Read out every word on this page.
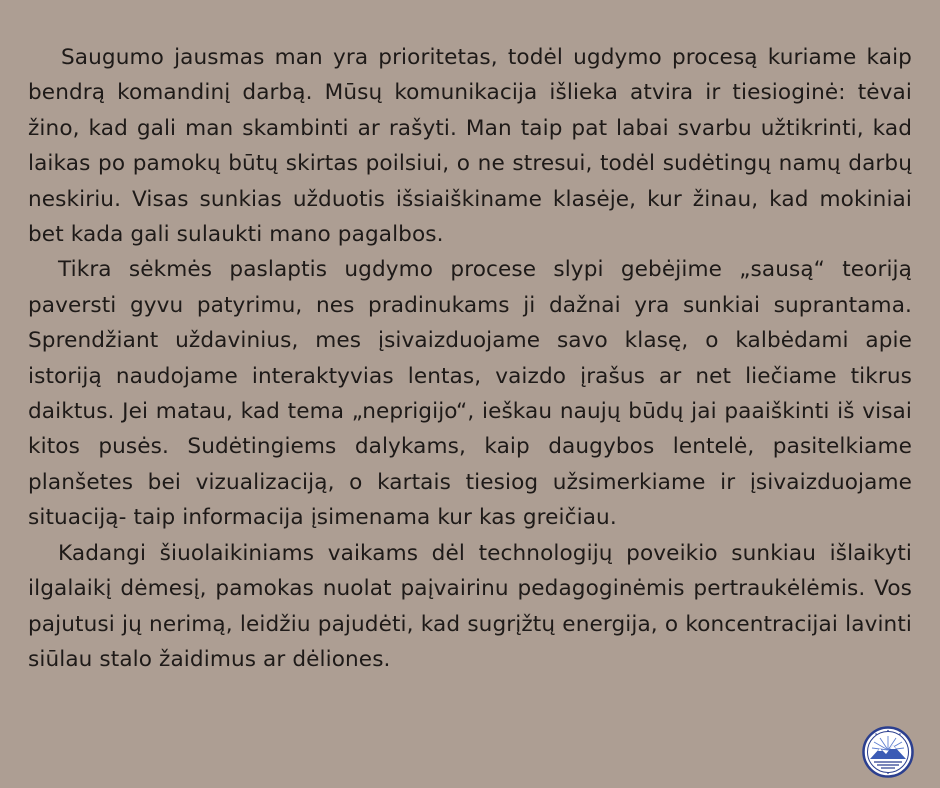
Saugumo jausmas man yra prioritetas, todėl ugdymo procesą kuriame kaip bendrą komandinį darbą. Mūsų komunikacija išlieka atvira ir tiesioginė: tėvai žino, kad gali man skambinti ar rašyti. Man taip pat labai svarbu užtikrinti, kad laikas po pamokų būtų skirtas poilsiui, o ne stresui, todėl sudėtingų namų darbų neskiriu. Visas sunkias užduotis išsiaiškiname klasėje, kur žinau, kad mokiniai bet kada gali sulaukti mano pagalbos.

Tikra sėkmės paslaptis ugdymo procese slypi gebėjime „sausą“ teoriją paversti gyvu patyrimu, nes pradinukams ji dažnai yra sunkiai suprantama. Sprendžiant uždavinius, mes įsivaizduojame savo klasę, o kalbėdami apie istoriją naudojame interaktyvias lentas, vaizdo įrašus ar net liečiame tikrus daiktus. Jei matau, kad tema „neprigijo“, ieškau naujų būdų jai paaiškinti iš visai kitos pusės. Sudėtingiems dalykams, kaip daugybos lentelė, pasitelkiame planšetes bei vizualizaciją, o kartais tiesiog užsimerkiame ir įsivaizduojame situaciją- taip informacija įsimenama kur kas greičiau.

Kadangi šiuolaikiniams vaikams dėl technologijų poveikio sunkiau išlaikyti ilgalaikį dėmesį, pamokas nuolat paįvairinu pedagoginėmis pertraukėlėmis. Vos pajutusi jų nerimą, leidžiu pajudėti, kad sugrįžtų energija, o koncentracijai lavinti siūlau stalo žaidimus ar dėliones.
